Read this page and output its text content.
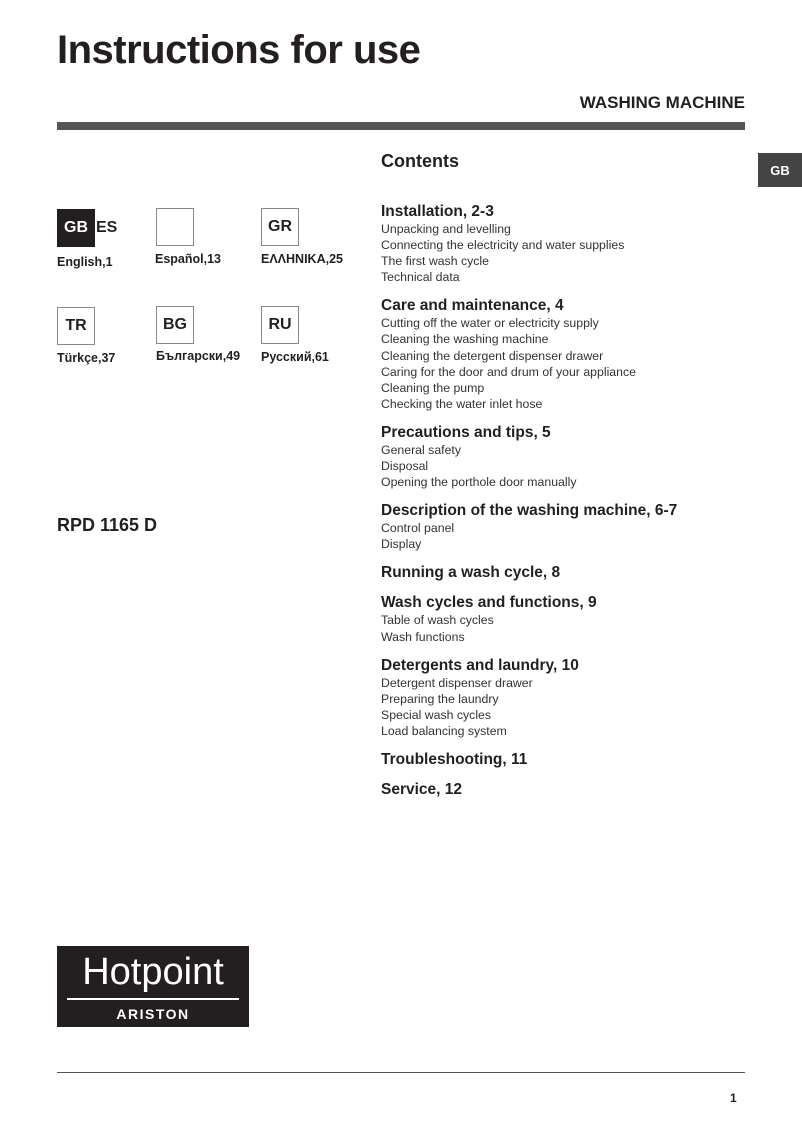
Instructions for use
WASHING MACHINE
GB
GB ES
English,1	Español,13
GR
ΕΛΛΗΝΙΚΑ,25
TR
Türkçe,37
BG
Български,49
RU
Русский,61
RPD 1165 D
Contents
Installation, 2-3
Unpacking and levelling
Connecting the electricity and water supplies
The first wash cycle
Technical data
Care and maintenance, 4
Cutting off the water or electricity supply
Cleaning the washing machine
Cleaning the detergent dispenser drawer
Caring for the door and drum of your appliance
Cleaning the pump
Checking the water inlet hose
Precautions and tips, 5
General safety
Disposal
Opening the porthole door manually
Description of the washing machine, 6-7
Control panel
Display
Running a wash cycle, 8
Wash cycles and functions, 9
Table of wash cycles
Wash functions
Detergents and laundry, 10
Detergent dispenser drawer
Preparing the laundry
Special wash cycles
Load balancing system
Troubleshooting, 11
Service, 12
Hotpoint
ARISTON
1
